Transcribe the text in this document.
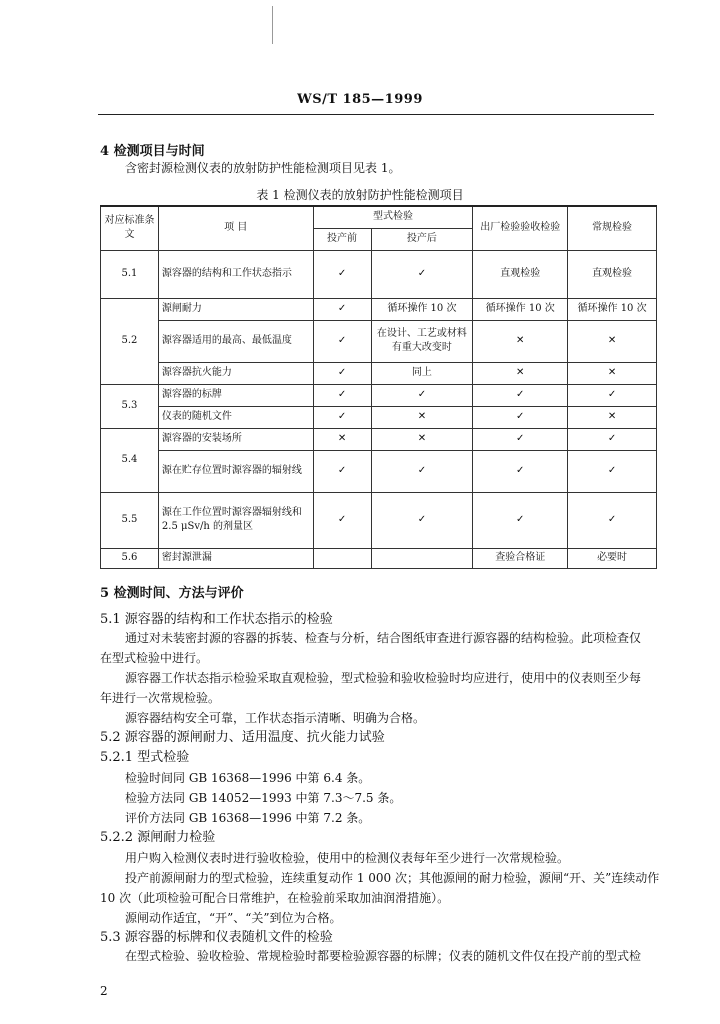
WS/T 185—1999
4 检测项目与时间
含密封源检测仪表的放射防护性能检测项目见表 1。
表 1 检测仪表的放射防护性能检测项目
对应标准条文	项 目	型式检验		出厂检验验收检验	常规检验
		投产前	投产后		
5.1	源容器的结构和工作状态指示	✓	✓	直观检验	直观检验
5.2	源闸耐力	✓	循环操作 10 次	循环操作 10 次	循环操作 10 次
	源容器适用的最高、最低温度	✓	在设计、工艺或材料有重大改变时	✕	✕
	源容器抗火能力	✓	同上	✕	✕
5.3	源容器的标牌	✓	✓	✓	✓
	仪表的随机文件	✓	✕	✓	✕
5.4	源容器的安装场所	✕	✕	✓	✓
	源在贮存位置时源容器的辐射线	✓	✓	✓	✓
5.5	源在工作位置时源容器辐射线和 2.5 μSv/h 的剂量区	✓	✓	✓	✓
5.6	密封源泄漏			查验合格证	必要时
5 检测时间、方法与评价
5.1 源容器的结构和工作状态指示的检验
通过对未装密封源的容器的拆装、检查与分析，结合图纸审查进行源容器的结构检验。此项检查仅
在型式检验中进行。
源容器工作状态指示检验采取直观检验，型式检验和验收检验时均应进行，使用中的仪表则至少每
年进行一次常规检验。
源容器结构安全可靠，工作状态指示清晰、明确为合格。
5.2 源容器的源闸耐力、适用温度、抗火能力试验
5.2.1 型式检验
检验时间同 GB 16368—1996 中第 6.4 条。
检验方法同 GB 14052—1993 中第 7.3～7.5 条。
评价方法同 GB 16368—1996 中第 7.2 条。
5.2.2 源闸耐力检验
用户购入检测仪表时进行验收检验，使用中的检测仪表每年至少进行一次常规检验。
投产前源闸耐力的型式检验，连续重复动作 1 000 次；其他源闸的耐力检验，源闸“开、关”连续动作
10 次（此项检验可配合日常维护，在检验前采取加油润滑措施）。
源闸动作适宜，“开”、“关”到位为合格。
5.3 源容器的标牌和仪表随机文件的检验
在型式检验、验收检验、常规检验时都要检验源容器的标牌；仪表的随机文件仅在投产前的型式检
2
